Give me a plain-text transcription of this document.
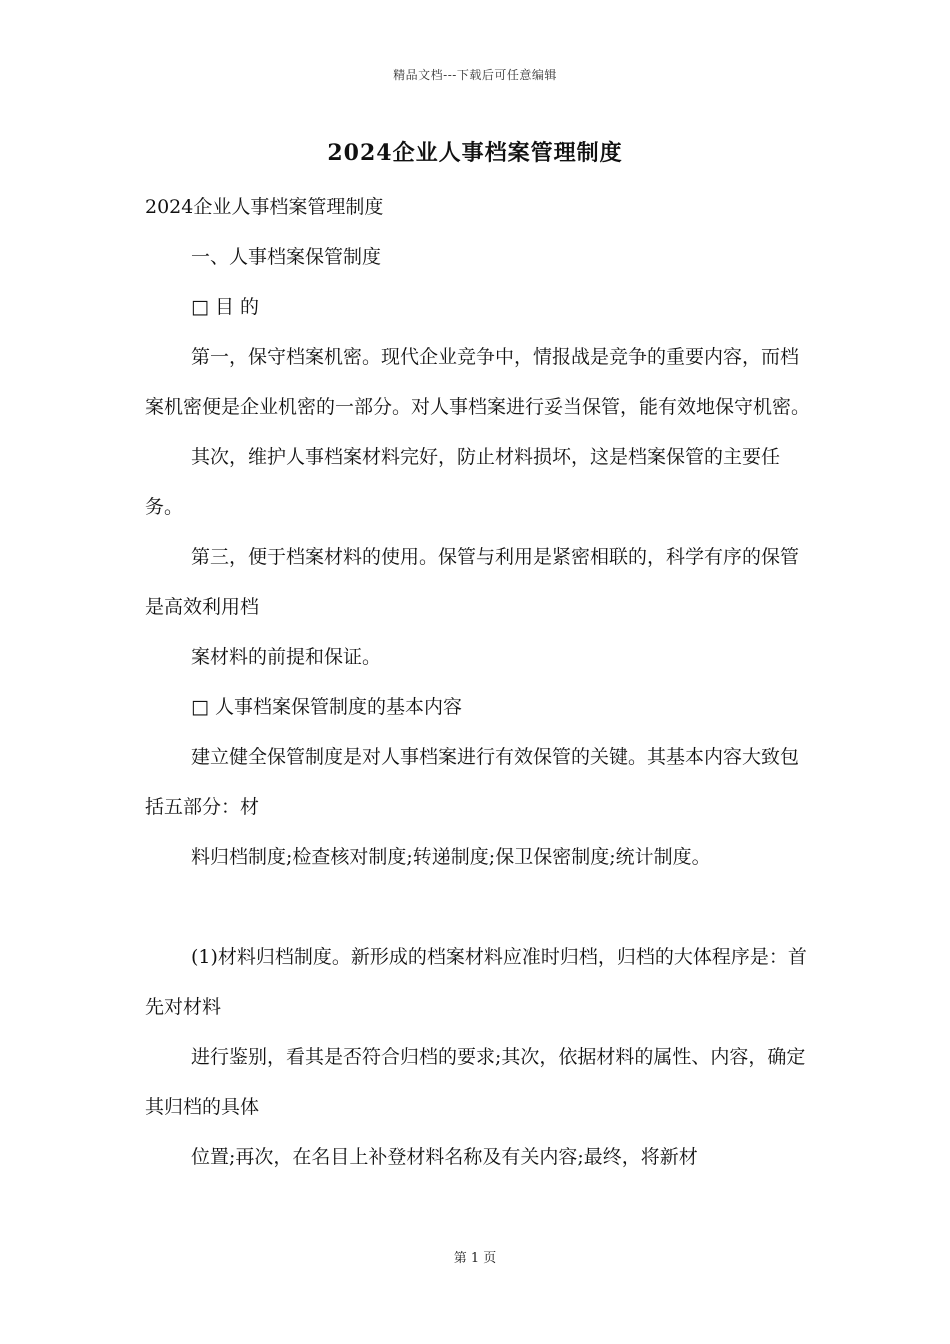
精品文档---下载后可任意编辑
2024企业人事档案管理制度

2024企业人事档案管理制度

一、人事档案保管制度

□ 目 的

第一，保守档案机密。现代企业竞争中，情报战是竞争的重要内容，而档案机密便是企业机密的一部分。对人事档案进行妥当保管，能有效地保守机密。

其次，维护人事档案材料完好，防止材料损坏，这是档案保管的主要任务。

第三，便于档案材料的使用。保管与利用是紧密相联的，科学有序的保管是高效利用档

案材料的前提和保证。

□ 人事档案保管制度的基本内容

建立健全保管制度是对人事档案进行有效保管的关键。其基本内容大致包括五部分：材

料归档制度;检查核对制度;转递制度;保卫保密制度;统计制度。

(1)材料归档制度。新形成的档案材料应准时归档，归档的大体程序是：首先对材料

进行鉴别，看其是否符合归档的要求;其次，依据材料的属性、内容，确定其归档的具体

位置;再次，在名目上补登材料名称及有关内容;最终，将新材

第 1 页
